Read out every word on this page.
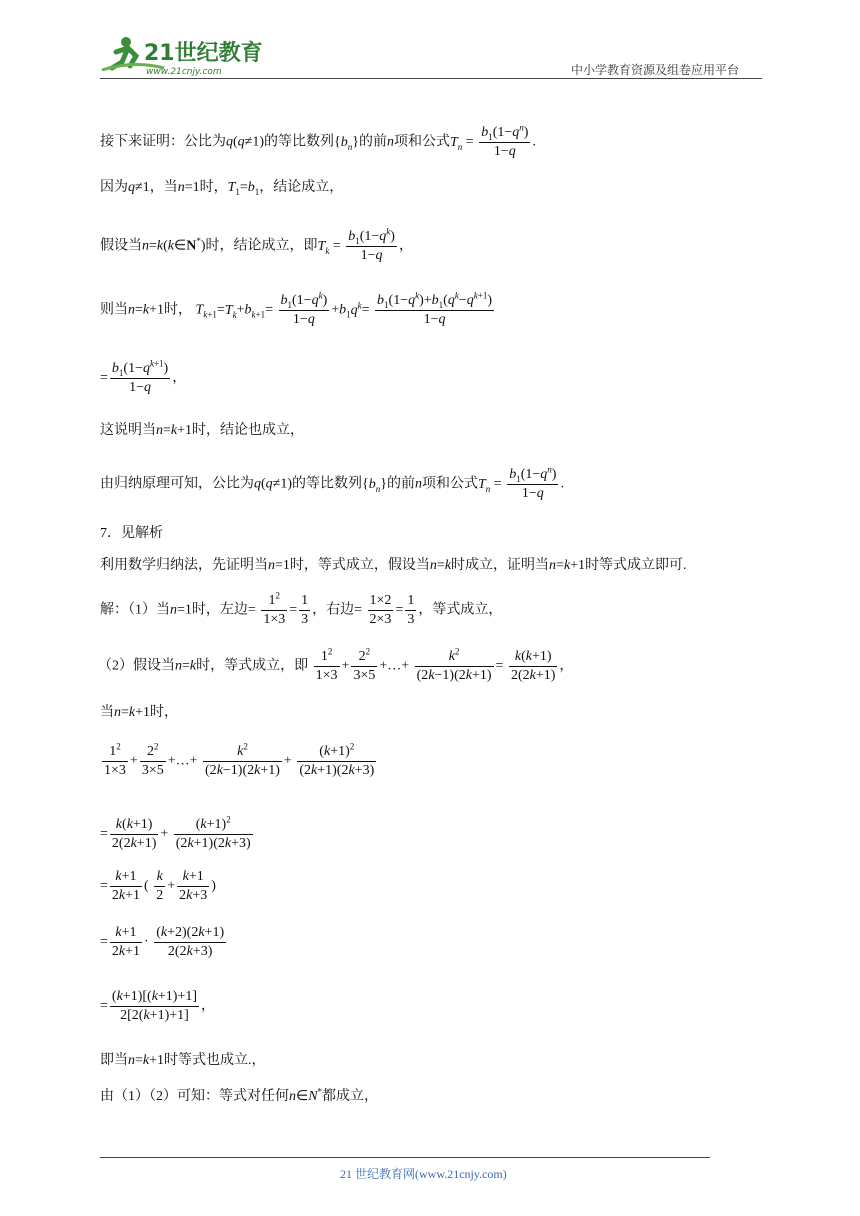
21世纪教育
www.21cnjy.com	中小学教育资源及组卷应用平台
接下来证明：公比为q(q≠1)的等比数列$\{b_n\}$的前n项和公式$T_n = \frac{b_1(1-q^n)}{1-q}$ .
因为q≠1，当n=1时，$T_1=b_1$，结论成立，
假设当n=k(k∈N*)时，结论成立，即$T_k = \frac{b_1(1-q^k)}{1-q}$ ，
则当n=k+1时， $T_{k+1}=T_k+b_{k+1}= \frac{b_1(1-q^k)}{1-q} +b_1q^k= \frac{b_1(1-q^k)+b_1(q^k-q^{k+1})}{1-q}$
= $\frac{b_1(1-q^{k+1})}{1-q}$ ，
这说明当n=k+1时，结论也成立，
由归纳原理可知，公比为q(q≠1)的等比数列$\{b_n\}$的前n项和公式$T_n = \frac{b_1(1-q^n)}{1-q}$ .
7．见解析
利用数学归纳法，先证明当n=1时，等式成立，假设当n=k时成立，证明当n=k+1时等式成立即可.
解：（1）当n=1时，左边= $\frac{1^2}{1\times 3} = \frac{1}{3}$ ，右边= $\frac{1\times 2}{2\times 3} = \frac{1}{3}$ ，等式成立，
（2）假设当n=k时，等式成立，即 $\frac{1^2}{1\times 3} + \frac{2^2}{3\times 5}$ +…+ $\frac{k^2}{(2k-1)(2k+1)} = \frac{k(k+1)}{2(2k+1)}$ ，
当n=k+1时，
$\frac{1^2}{1\times 3} + \frac{2^2}{3\times 5}$ +…+ $\frac{k^2}{(2k-1)(2k+1)} + \frac{(k+1)^2}{(2k+1)(2k+3)}$
= $\frac{k(k+1)}{2(2k+1)} + \frac{(k+1)^2}{(2k+1)(2k+3)}$
= $\frac{k+1}{2k+1}$ ( $\frac{k}{2} + \frac{k+1}{2k+3}$ )
= $\frac{k+1}{2k+1} \cdot \frac{(k+2)(2k+1)}{2(2k+3)}$
= $\frac{(k+1)[(k+1)+1]}{2[2(k+1)+1]}$ ，
即当n=k+1时等式也成立.，
由（1）（2）可知：等式对任何n∈N*都成立，
21 世纪教育网(www.21cnjy.com)
